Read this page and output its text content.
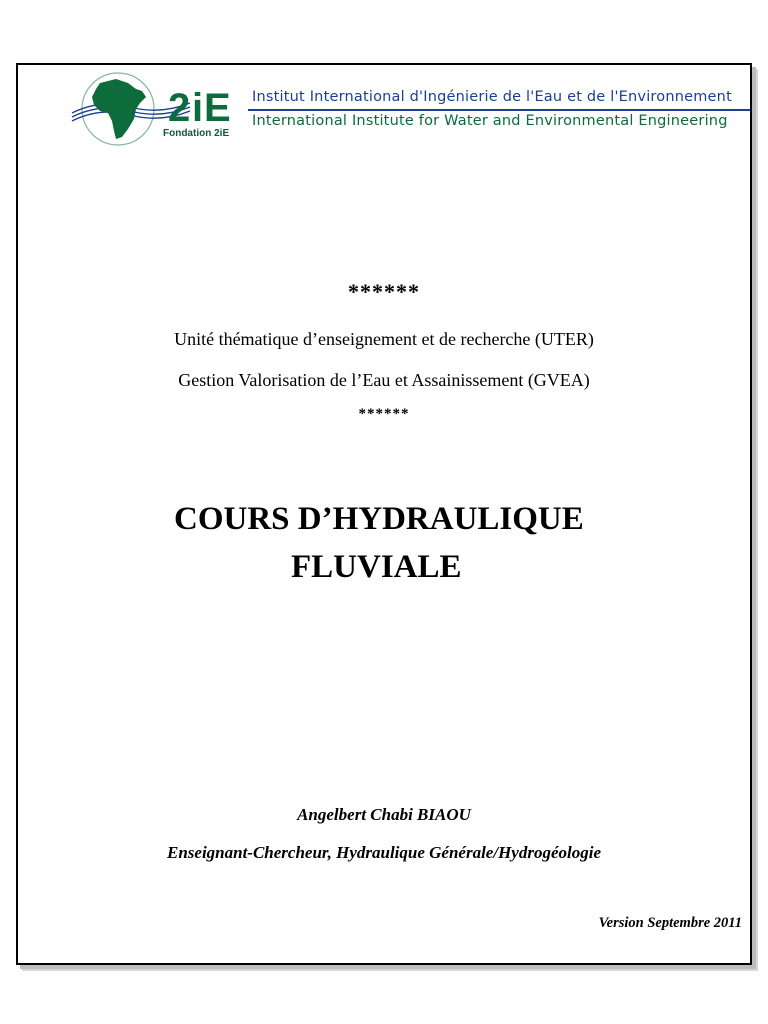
2 i E
Fondation 2iE
Institut International d'Ingénierie de l'Eau et de l'Environnement
International Institute for Water and Environmental Engineering
******
Unité thématique d’enseignement et de recherche (UTER)
Gestion Valorisation de l’Eau et Assainissement (GVEA)
******
COURS D’HYDRAULIQUE
FLUVIALE
Angelbert Chabi BIAOU
Enseignant-Chercheur, Hydraulique Générale/Hydrogéologie
Version Septembre 2011
